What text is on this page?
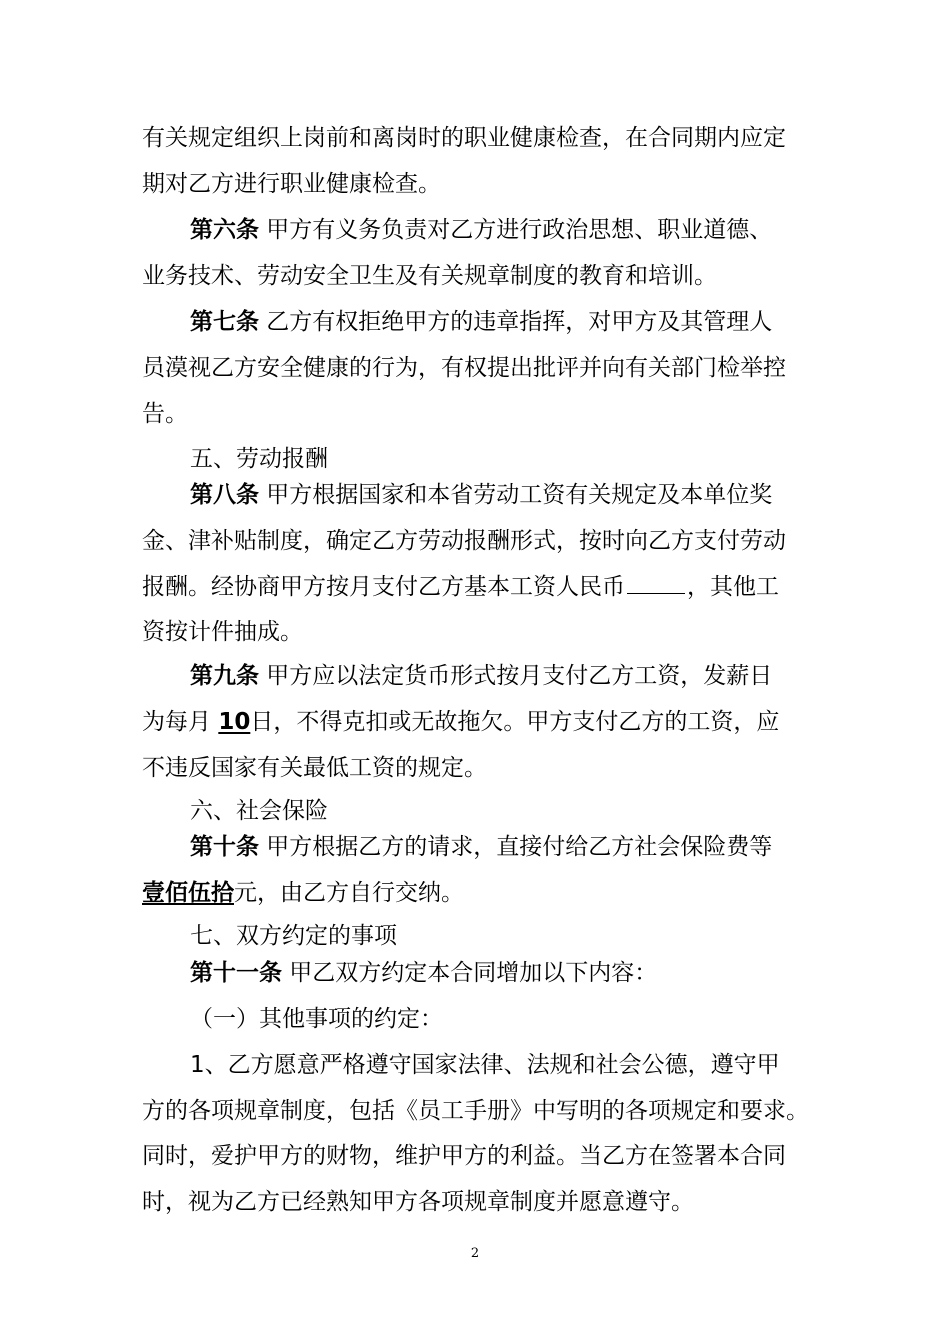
有关规定组织上岗前和离岗时的职业健康检查，在合同期内应定
期对乙方进行职业健康检查。
第六条 甲方有义务负责对乙方进行政治思想、职业道德、
业务技术、劳动安全卫生及有关规章制度的教育和培训。
第七条 乙方有权拒绝甲方的违章指挥，对甲方及其管理人
员漠视乙方安全健康的行为，有权提出批评并向有关部门检举控
告。
五、劳动报酬
第八条 甲方根据国家和本省劳动工资有关规定及本单位奖
金、津补贴制度，确定乙方劳动报酬形式，按时向乙方支付劳动
报酬。经协商甲方按月支付乙方基本工资人民币	，其他工
资按计件抽成。
第九条 甲方应以法定货币形式按月支付乙方工资，发薪日
为每月 10日，不得克扣或无故拖欠。甲方支付乙方的工资，应
不违反国家有关最低工资的规定。
六、社会保险
第十条 甲方根据乙方的请求，直接付给乙方社会保险费等
壹佰伍拾元，由乙方自行交纳。
七、双方约定的事项
第十一条 甲乙双方约定本合同增加以下内容：
（一）其他事项的约定：
1、乙方愿意严格遵守国家法律、法规和社会公德，遵守甲
方的各项规章制度，包括《员工手册》中写明的各项规定和要求。
同时，爱护甲方的财物，维护甲方的利益。当乙方在签署本合同
时，视为乙方已经熟知甲方各项规章制度并愿意遵守。
2
